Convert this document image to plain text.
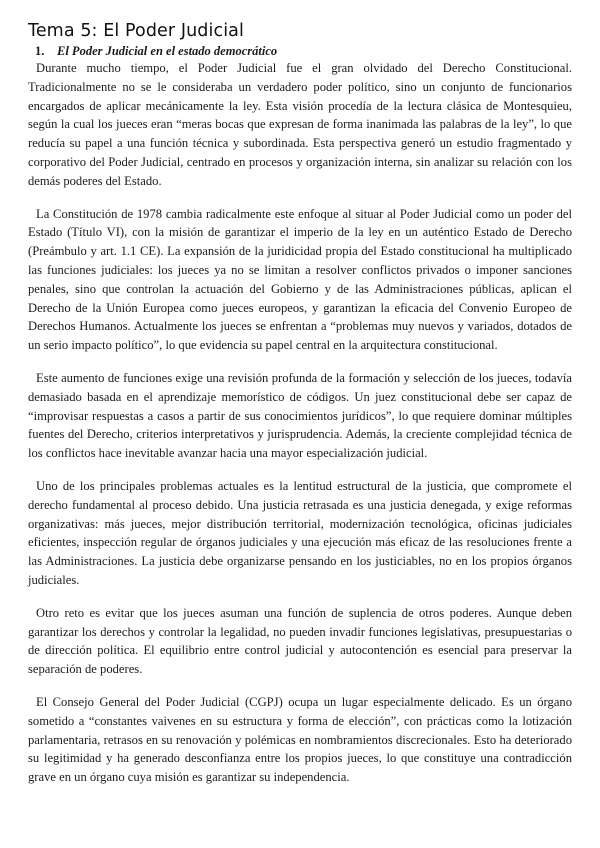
Tema 5: El Poder Judicial
1. El Poder Judicial en el estado democrático

Durante mucho tiempo, el Poder Judicial fue el gran olvidado del Derecho Constitucional. Tradicionalmente no se le consideraba un verdadero poder político, sino un conjunto de funcionarios encargados de aplicar mecánicamente la ley. Esta visión procedía de la lectura clásica de Montesquieu, según la cual los jueces eran “meras bocas que expresan de forma inanimada las palabras de la ley”, lo que reducía su papel a una función técnica y subordinada. Esta perspectiva generó un estudio fragmentado y corporativo del Poder Judicial, centrado en procesos y organización interna, sin analizar su relación con los demás poderes del Estado.

La Constitución de 1978 cambia radicalmente este enfoque al situar al Poder Judicial como un poder del Estado (Título VI), con la misión de garantizar el imperio de la ley en un auténtico Estado de Derecho (Preámbulo y art. 1.1 CE). La expansión de la juridicidad propia del Estado constitucional ha multiplicado las funciones judiciales: los jueces ya no se limitan a resolver conflictos privados o imponer sanciones penales, sino que controlan la actuación del Gobierno y de las Administraciones públicas, aplican el Derecho de la Unión Europea como jueces europeos, y garantizan la eficacia del Convenio Europeo de Derechos Humanos. Actualmente los jueces se enfrentan a “problemas muy nuevos y variados, dotados de un serio impacto político”, lo que evidencia su papel central en la arquitectura constitucional.

Este aumento de funciones exige una revisión profunda de la formación y selección de los jueces, todavía demasiado basada en el aprendizaje memorístico de códigos. Un juez constitucional debe ser capaz de “improvisar respuestas a casos a partir de sus conocimientos jurídicos”, lo que requiere dominar múltiples fuentes del Derecho, criterios interpretativos y jurisprudencia. Además, la creciente complejidad técnica de los conflictos hace inevitable avanzar hacia una mayor especialización judicial.

Uno de los principales problemas actuales es la lentitud estructural de la justicia, que compromete el derecho fundamental al proceso debido. Una justicia retrasada es una justicia denegada, y exige reformas organizativas: más jueces, mejor distribución territorial, modernización tecnológica, oficinas judiciales eficientes, inspección regular de órganos judiciales y una ejecución más eficaz de las resoluciones frente a las Administraciones. La justicia debe organizarse pensando en los justiciables, no en los propios órganos judiciales.

Otro reto es evitar que los jueces asuman una función de suplencia de otros poderes. Aunque deben garantizar los derechos y controlar la legalidad, no pueden invadir funciones legislativas, presupuestarias o de dirección política. El equilibrio entre control judicial y autocontención es esencial para preservar la separación de poderes.

El Consejo General del Poder Judicial (CGPJ) ocupa un lugar especialmente delicado. Es un órgano sometido a “constantes vaivenes en su estructura y forma de elección”, con prácticas como la lotización parlamentaria, retrasos en su renovación y polémicas en nombramientos discrecionales. Esto ha deteriorado su legitimidad y ha generado desconfianza entre los propios jueces, lo que constituye una contradicción grave en un órgano cuya misión es garantizar su independencia.
